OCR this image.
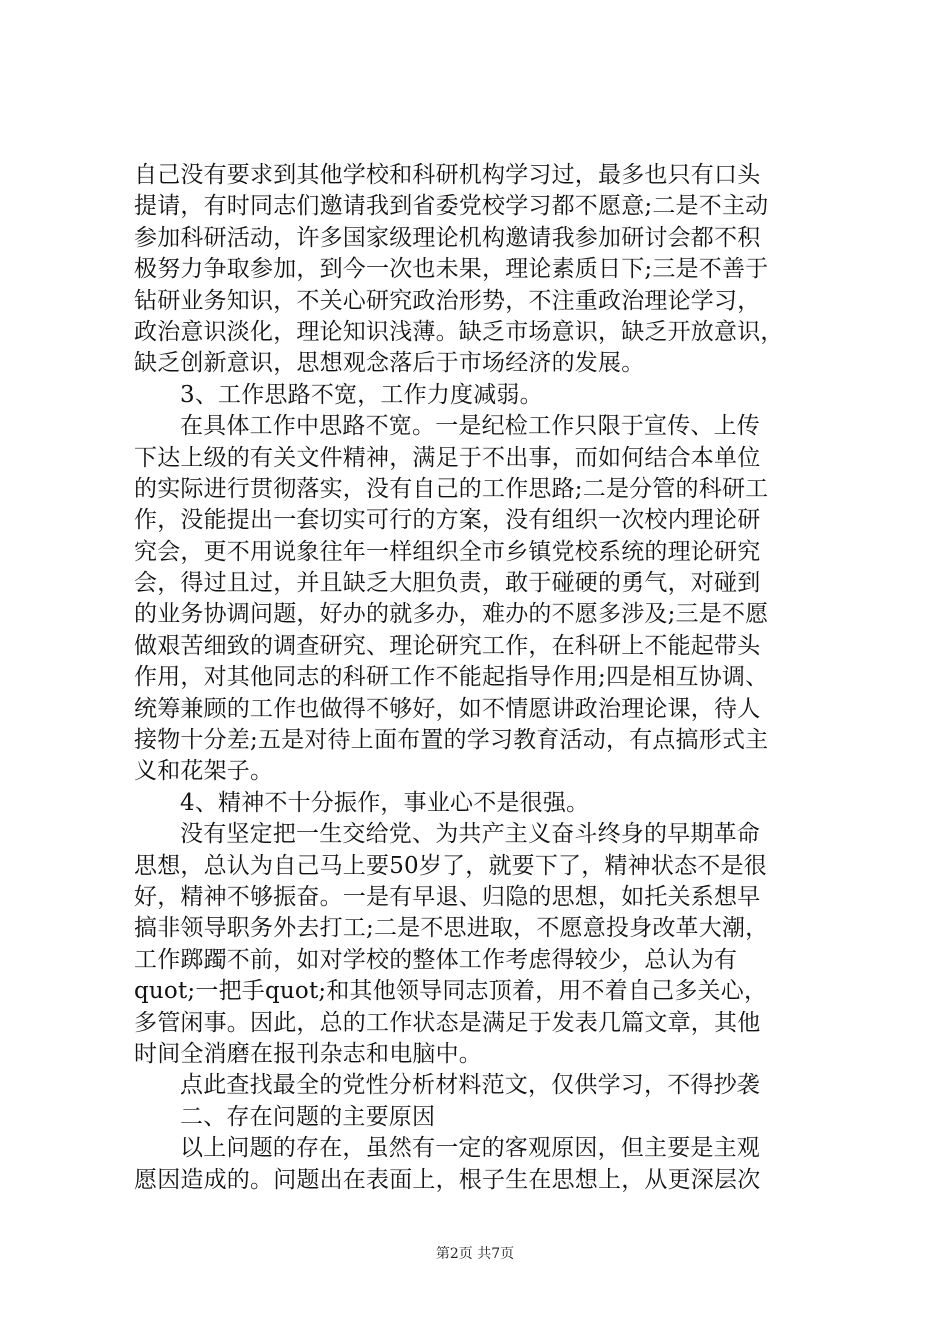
自己没有要求到其他学校和科研机构学习过，最多也只有口头
提请，有时同志们邀请我到省委党校学习都不愿意;二是不主动
参加科研活动，许多国家级理论机构邀请我参加研讨会都不积
极努力争取参加，到今一次也未果，理论素质日下;三是不善于
钻研业务知识，不关心研究政治形势，不注重政治理论学习，
政治意识淡化，理论知识浅薄。缺乏市场意识，缺乏开放意识，
缺乏创新意识，思想观念落后于市场经济的发展。
3、工作思路不宽，工作力度减弱。
在具体工作中思路不宽。一是纪检工作只限于宣传、上传
下达上级的有关文件精神，满足于不出事，而如何结合本单位
的实际进行贯彻落实，没有自己的工作思路;二是分管的科研工
作，没能提出一套切实可行的方案，没有组织一次校内理论研
究会，更不用说象往年一样组织全市乡镇党校系统的理论研究
会，得过且过，并且缺乏大胆负责，敢于碰硬的勇气，对碰到
的业务协调问题，好办的就多办，难办的不愿多涉及;三是不愿
做艰苦细致的调查研究、理论研究工作，在科研上不能起带头
作用，对其他同志的科研工作不能起指导作用;四是相互协调、
统筹兼顾的工作也做得不够好，如不情愿讲政治理论课，待人
接物十分差;五是对待上面布置的学习教育活动，有点搞形式主
义和花架子。
4、精神不十分振作，事业心不是很强。
没有坚定把一生交给党、为共产主义奋斗终身的早期革命
思想，总认为自己马上要50岁了，就要下了，精神状态不是很
好，精神不够振奋。一是有早退、归隐的思想，如托关系想早
搞非领导职务外去打工;二是不思进取，不愿意投身改革大潮，
工作踯躅不前，如对学校的整体工作考虑得较少，总认为有
quot;一把手quot;和其他领导同志顶着，用不着自己多关心，
多管闲事。因此，总的工作状态是满足于发表几篇文章，其他
时间全消磨在报刊杂志和电脑中。
点此查找最全的党性分析材料范文，仅供学习，不得抄袭
二、存在问题的主要原因
以上问题的存在，虽然有一定的客观原因，但主要是主观
愿因造成的。问题出在表面上，根子生在思想上，从更深层次
第2页 共7页
